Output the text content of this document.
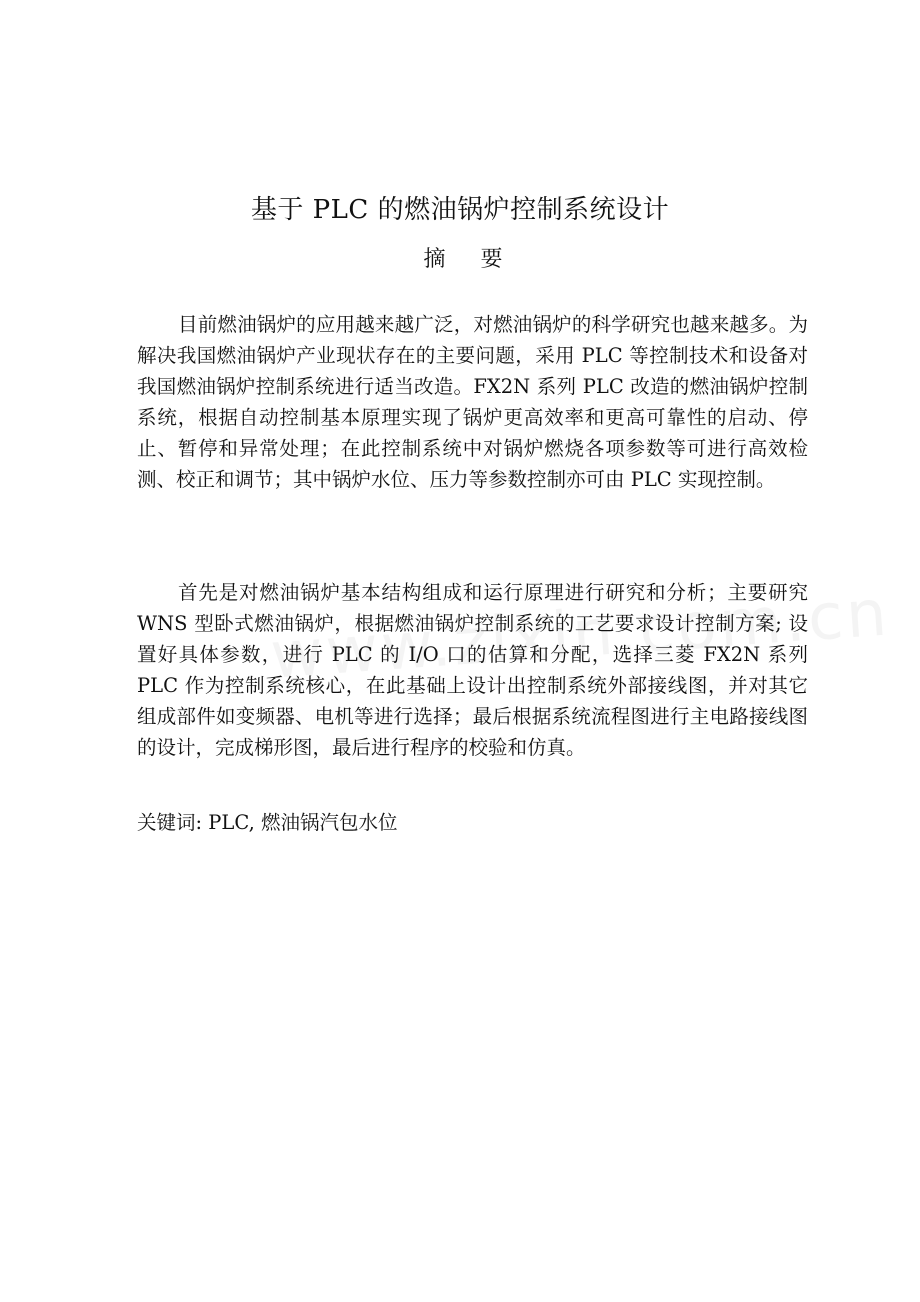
基于 PLC 的燃油锅炉控制系统设计
摘 要

目前燃油锅炉的应用越来越广泛，对燃油锅炉的科学研究也越来越多。为解决我国燃油锅炉产业现状存在的主要问题，采用 PLC 等控制技术和设备对我国燃油锅炉控制系统进行适当改造。FX2N 系列 PLC 改造的燃油锅炉控制系统，根据自动控制基本原理实现了锅炉更高效率和更高可靠性的启动、停止、暂停和异常处理；在此控制系统中对锅炉燃烧各项参数等可进行高效检测、校正和调节；其中锅炉水位、压力等参数控制亦可由 PLC 实现控制。

首先是对燃油锅炉基本结构组成和运行原理进行研究和分析；主要研究 WNS 型卧式燃油锅炉，根据燃油锅炉控制系统的工艺要求设计控制方案; 设置好具体参数，进行 PLC 的 I/O 口的估算和分配，选择三菱 FX2N 系列 PLC 作为控制系统核心，在此基础上设计出控制系统外部接线图，并对其它组成部件如变频器、电机等进行选择；最后根据系统流程图进行主电路接线图的设计，完成梯形图，最后进行程序的校验和仿真。

关键词: PLC, 燃油锅汽包水位
